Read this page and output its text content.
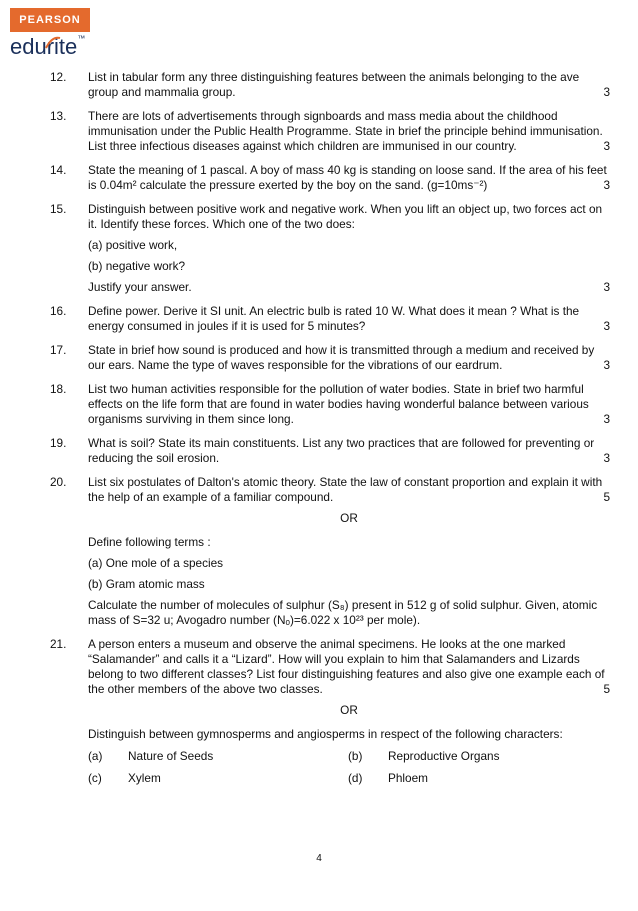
PEARSON
edurite™
12. List in tabular form any three distinguishing features between the animals belonging to the ave group and mammalia group.	3
13. There are lots of advertisements through signboards and mass media about the childhood immunisation under the Public Health Programme. State in brief the principle behind immunisation. List three infectious diseases against which children are immunised in our country.	3
14. State the meaning of 1 pascal. A boy of mass 40 kg is standing on loose sand. If the area of his feet is 0.04m² calculate the pressure exerted by the boy on the sand. (g=10ms⁻²)	3
15. Distinguish between positive work and negative work. When you lift an object up, two forces act on it. Identify these forces. Which one of the two does:
(a) positive work,
(b) negative work?
Justify your answer.	3
16. Define power. Derive it SI unit. An electric bulb is rated 10 W. What does it mean ? What is the energy consumed in joules if it is used for 5 minutes?	3
17. State in brief how sound is produced and how it is transmitted through a medium and received by our ears. Name the type of waves responsible for the vibrations of our eardrum.	3
18. List two human activities responsible for the pollution of water bodies. State in brief two harmful effects on the life form that are found in water bodies having wonderful balance between various organisms surviving in them since long.	3
19. What is soil? State its main constituents. List any two practices that are followed for preventing or reducing the soil erosion.	3
20. List six postulates of Dalton's atomic theory. State the law of constant proportion and explain it with the help of an example of a familiar compound.	5
OR
Define following terms :
(a) One mole of a species
(b) Gram atomic mass
Calculate the number of molecules of sulphur (S₈) present in 512 g of solid sulphur. Given, atomic mass of S=32 u; Avogadro number (Nₒ)=6.022 x 10²³ per mole).
21. A person enters a museum and observe the animal specimens. He looks at the one marked “Salamander” and calls it a “Lizard”. How will you explain to him that Salamanders and Lizards belong to two different classes? List four distinguishing features and also give one example each of the other members of the above two classes.	5
OR
Distinguish between gymnosperms and angiosperms in respect of the following characters:
(a)	Nature of Seeds	(b)	Reproductive Organs
(c)	Xylem	(d)	Phloem
4
